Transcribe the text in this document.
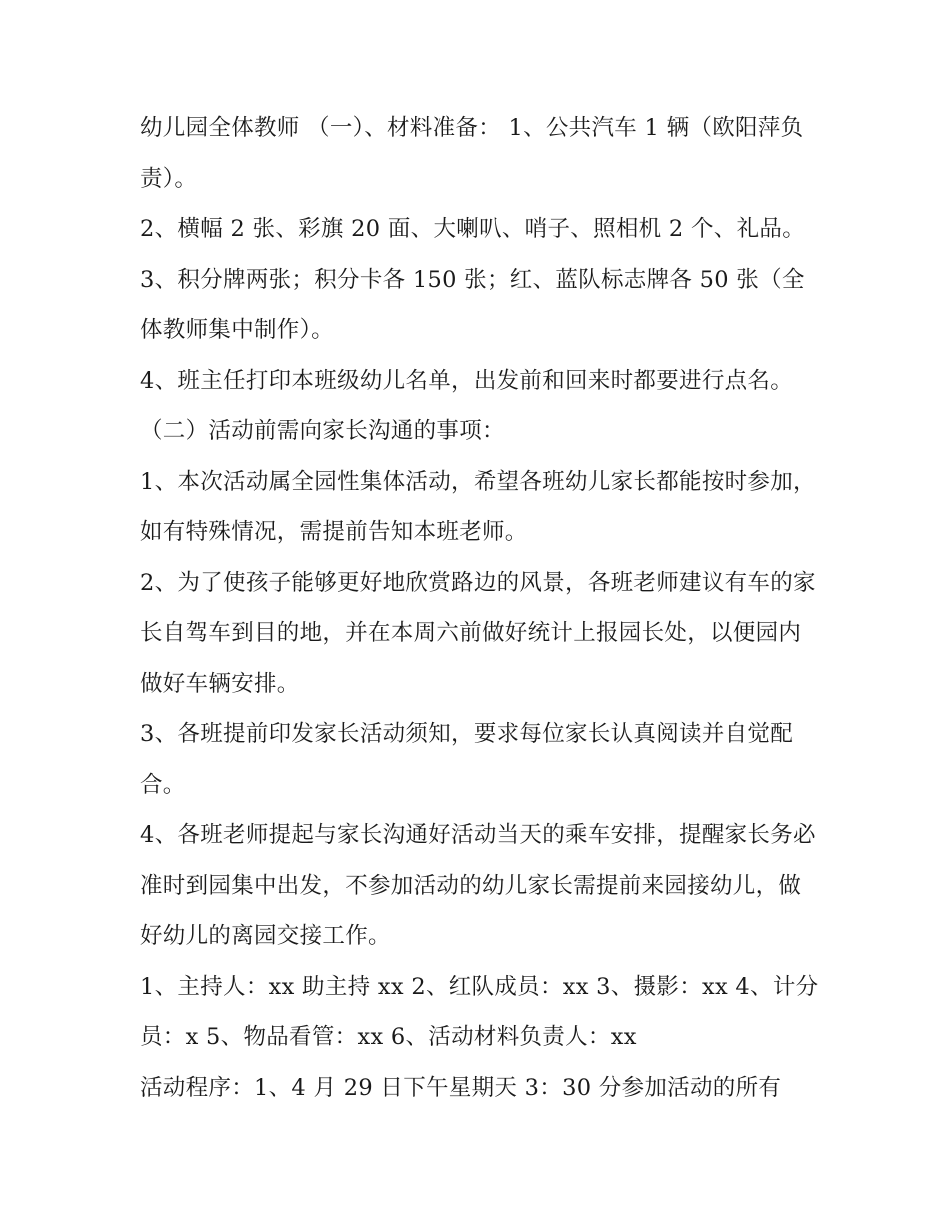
幼儿园全体教师 （一）、材料准备： 1、公共汽车 1 辆（欧阳萍负责）。

2、横幅 2 张、彩旗 20 面、大喇叭、哨子、照相机 2 个、礼品。 3、积分牌两张；积分卡各 150 张；红、蓝队标志牌各 50 张（全体教师集中制作）。

4、班主任打印本班级幼儿名单，出发前和回来时都要进行点名。 （二）活动前需向家长沟通的事项：

1、本次活动属全园性集体活动，希望各班幼儿家长都能按时参加，如有特殊情况，需提前告知本班老师。

2、为了使孩子能够更好地欣赏路边的风景，各班老师建议有车的家长自驾车到目的地，并在本周六前做好统计上报园长处，以便园内做好车辆安排。

3、各班提前印发家长活动须知，要求每位家长认真阅读并自觉配合。

4、各班老师提起与家长沟通好活动当天的乘车安排，提醒家长务必准时到园集中出发，不参加活动的幼儿家长需提前来园接幼儿，做好幼儿的离园交接工作。

1、主持人：xx 助主持 xx 2、红队成员：xx 3、摄影：xx 4、计分员：x 5、物品看管：xx 6、活动材料负责人：xx

活动程序：1、4 月 29 日下午星期天 3：30 分参加活动的所有
